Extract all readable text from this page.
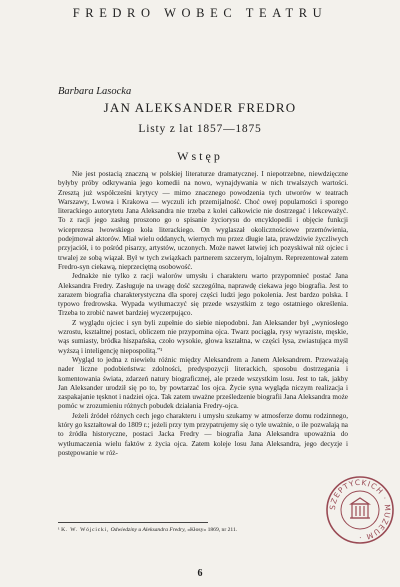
FREDRO WOBEC TEATRU
Barbara Lasocka
JAN ALEKSANDER FREDRO
Listy z lat 1857—1875
Wstęp

Nie jest postacią znaczną w polskiej literaturze dramatycznej. I niepotrzebne, niewdzięczne byłyby próby odkrywania jego komedii na nowo, wynajdywania w nich trwalszych wartości. Zresztą już współcześni krytycy — mimo znacznego powodzenia tych utworów w teatrach Warszawy, Lwowa i Krakowa — wyczuli ich przemijalność. Choć owej popularności i sporego literackiego autorytetu Jana Aleksandra nie trzeba z kolei całkowicie nie dostrzegać i lekceważyć. To z racji jego zasług proszono go o spisanie życiorysu do encyklopedii i objęcie funkcji wiceprezesa lwowskiego koła literackiego. On wyglaszał okolicznościowe przemówienia, podejmował aktorów. Miał wielu oddanych, wiernych mu przez długie lata, prawdziwie życzliwych przyjaciół, i to pośród pisarzy, artystów, uczonych. Może nawet łatwiej ich pozyskiwał niż ojciec i trwalej ze sobą wiązał. Był w tych związkach partnerem szczerym, lojalnym. Reprezentował zatem Fredro-syn ciekawą, nieprzeciętną osobowość.

Jednakże nie tylko z racji walorów umysłu i charakteru warto przypomnieć postać Jana Aleksandra Fredry. Zasługuje na uwagę dość szczególna, naprawdę ciekawa jego biografia. Jest to zarazem biografia charakterystyczna dla sporej części ludzi jego pokolenia. Jest bardzo polska. I typowo fredrowska. Wypada wytłumaczyć się przede wszystkim z tego ostatniego określenia. Trzeba to zrobić nawet bardziej wyczerpująco.

Z wyglądu ojciec i syn byli zupełnie do siebie niepodobni. Jan Aleksander był „wyniosłego wzrostu, kształtnej postaci, obliczem nie przypomina ojca. Twarz pociągła, rysy wyraziste, męskie, wąs sumiasty, bródka hiszpańska, czoło wysokie, głowa kształtna, w części łysa, zwiastująca myśl wyższą i inteligencję niepospolitą.”¹

Wygląd to jedna z niewielu różnic między Aleksandrem a Janem Aleksandrem. Przeważają nader liczne podobieństwa: zdolności, predyspozycji literackich, sposobu dostrzegania i komentowania świata, zdarzeń natury biograficznej, ale przede wszystkim losu. Jest to tak, jakby Jan Aleksander urodził się po to, by powtarzać los ojca. Życie syna wygląda niczym realizacja i zaspakajanie tęsknot i nadziei ojca. Tak zatem uważne prześledzenie biografii Jana Aleksandra może pomóc w zrozumieniu różnych pobudek działania Fredry-ojca.

Jeżeli źródeł różnych cech jego charakteru i umysłu szukamy w atmosferze domu rodzinnego, który go kształtował do 1809 r.; jeżeli przy tym przypatrujemy się o tyle uważnie, o ile pozwalają na to źródła historyczne, postaci Jacka Fredry — biografia Jana Aleksandra upoważnia do wytłumaczenia wielu faktów z życia ojca. Zatem koleje losu Jana Aleksandra, jego decyzje i postępowanie w róż-

¹ K. W. Wójcicki, Odwiedziny u Aleksandra Fredry, «Kłosy» 1869, nr 211.
6
SZEPTYCKICH · MUZEUM ·
